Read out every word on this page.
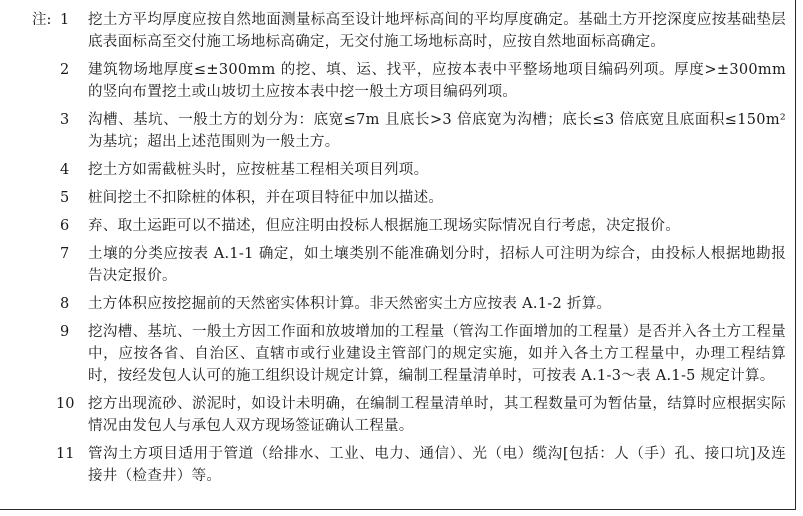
注: 1	挖土方平均厚度应按自然地面测量标高至设计地坪标高间的平均厚度确定。基础土方开挖深度应按基础垫层底表面标高至交付施工场地标高确定，无交付施工场地标高时，应按自然地面标高确定。
2	建筑物场地厚度≤±300mm 的挖、填、运、找平，应按本表中平整场地项目编码列项。厚度>±300mm的竖向布置挖土或山坡切土应按本表中挖一般土方项目编码列项。
3	沟槽、基坑、一般土方的划分为：底宽≤7m 且底长>3 倍底宽为沟槽；底长≤3 倍底宽且底面积≤150m² 为基坑；超出上述范围则为一般土方。
4	挖土方如需截桩头时，应按桩基工程相关项目列项。
5	桩间挖土不扣除桩的体积，并在项目特征中加以描述。
6	弃、取土运距可以不描述，但应注明由投标人根据施工现场实际情况自行考虑，决定报价。
7	土壤的分类应按表 A.1-1 确定，如土壤类别不能准确划分时，招标人可注明为综合，由投标人根据地勘报告决定报价。
8	土方体积应按挖掘前的天然密实体积计算。非天然密实土方应按表 A.1-2 折算。
9	挖沟槽、基坑、一般土方因工作面和放坡增加的工程量（管沟工作面增加的工程量）是否并入各土方工程量中，应按各省、自治区、直辖市或行业建设主管部门的规定实施，如并入各土方工程量中，办理工程结算时，按经发包人认可的施工组织设计规定计算，编制工程量清单时，可按表 A.1-3～表 A.1-5 规定计算。
10 挖方出现流砂、淤泥时，如设计未明确，在编制工程量清单时，其工程数量可为暂估量，结算时应根据实际情况由发包人与承包人双方现场签证确认工程量。
11 管沟土方项目适用于管道（给排水、工业、电力、通信）、光（电）缆沟[包括：人（手）孔、接口坑]及连接井（检查井）等。
